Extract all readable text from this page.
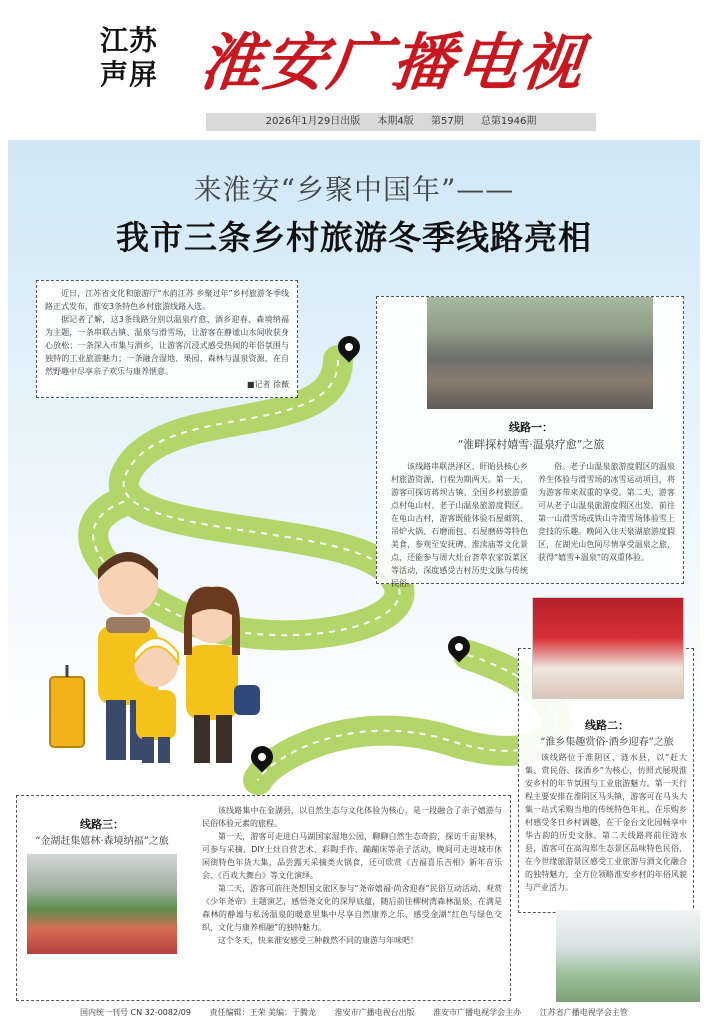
江苏
声屏 淮安广播电视
2026年1月29日出版 本期4版 第57期 总第1946期
来淮安“乡聚中国年”——
我市三条乡村旅游冬季线路亮相

近日，江苏省文化和旅游厅“水韵江苏 乡聚过年”乡村旅游冬季线路正式发布，淮安3条特色乡村旅游线路入选。

据记者了解，这3条线路分别以温泉疗愈、酒乡迎春、森境纳福为主题，一条串联古镇、温泉与滑雪场，让游客在静谧山水间收获身心放松；一条深入市集与酒乡，让游客沉浸式感受热闹的年俗氛围与独特的工业旅游魅力；一条融合湿地、果园、森林与温泉资源，在自然野趣中尽享亲子欢乐与康养惬意。

■记者 徐薇

线路一：
“淮畔探村嬉雪·温泉疗愈”之旅

该线路串联洪泽区、盱眙县核心乡村旅游资源，行程为期两天。第一天，游客可探访蒋坝古镇、全国乡村旅游重点村龟山村、老子山温泉旅游度假区。在龟山古村，游客既能体验石屋砌筑、吊炉火锅、石磨面包、石屋磨砖等特色美食，参观至安抚碑、淮渎庙等文化景点，还能参与周大灶台荟萃农家饭菜区等活动，深度感受古村历史文脉与传统民俗。

俗。老子山温泉旅游度假区的温泉养生体验与滑雪场的冰雪运动项目，将为游客带来双重的享受。第二天，游客可从老子山温泉旅游度假区出发，前往第一山滑雪场或铁山寺滑雪场体验雪上竞技的乐趣。晚间入住天泉湖旅游度假区，在湖光山色间尽情享受温泉之旅，获得“嬉雪+温泉”的双重体验。

线路二：
“淮乡集趣赏俗·酒乡迎春”之旅

该线路位于淮阴区、涟水县，以“赶大集、赏民俗、探酒乡”为核心，仿照式展现淮安乡村的年节氛围与工业旅游魅力。第一天行程主要安排在淮阴区马头镇，游客可在马头大集一站式采购当地的传统特色年礼，在乐购乡村感受冬日乡村调趣，在干金台文化园畅享中华古韵的历史文脉。第二天线路将前往涟水县，游客可在高沟郑生态景区品味特色民俗，在今世缘旅游景区感受工业旅游与酒文化融合的独特魅力，全方位领略淮安乡村的年俗风貌与产业活力。

线路三：
“金湖赶集嬉林·森境纳福”之旅

该线路集中在金湖县，以自然生态与文化体验为核心，是一段融合了亲子嬉游与民俗体验元素的旅程。

第一天，游客可走进白马湖国家湿地公园，聊聊白然生态奇韵，探访千亩果林，可参与采摘、DIY土灶自营艺术、彩陶手作、蹦蹦床等亲子活动，晚间可走进城市休闲街特色年货大集，品尝露天采摘类火锅食，还可欣赏《吉福喜乐吉相》新年音乐会、《百戏大舞台》等文化演绎。

第二天，游客可前往尧想国文旅区参与“尧帝嬉福·尚舍迎春”民俗互动活动，观赏《少年尧帝》主题演艺，感悟尧文化的深厚底蕴，随后前往柳树湾森林温泉，在满是森林的静谧与私汤温泉的暖意里集中尽享自然康养之乐，感受金湖“红色与绿色交织、文化与康养相融”的独特魅力。

这个冬天，快来淮安感受三种截然不同的康游与年味吧！

国内统一刊号 CN 32-0082/09 责任编辑：王荣 美编：于腾龙 淮安市广播电视台出版 淮安市广播电视学会主办 江苏省广播电视学会主管
